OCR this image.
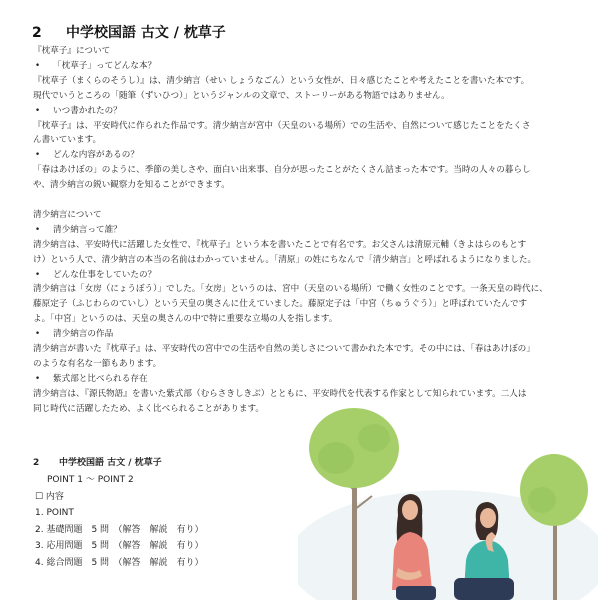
2 中学校国語 古文 / 枕草子

『枕草子』について

• 「枕草子」ってどんな本？

『枕草子（まくらのそうし）』は、清少納言（せい しょうなごん）という女性が、日々感じたことや考えたことを書いた本です。

現代でいうところの「随筆（ずいひつ）」というジャンルの文章で、ストーリーがある物語ではありません。

• いつ書かれたの？

『枕草子』は、平安時代に作られた作品です。清少納言が宮中（天皇のいる場所）での生活や、自然について感じたことをたくさ

ん書いています。

• どんな内容があるの？

「春はあけぼの」のように、季節の美しさや、面白い出来事、自分が思ったことがたくさん詰まった本です。当時の人々の暮らし

や、清少納言の鋭い観察力を知ることができます。

清少納言について

• 清少納言って誰？

清少納言は、平安時代に活躍した女性で、『枕草子』という本を書いたことで有名です。お父さんは清原元輔（きよはらのもとす

け）という人で、清少納言の本当の名前はわかっていません。「清原」の姓にちなんで「清少納言」と呼ばれるようになりました。

• どんな仕事をしていたの？

清少納言は「女房（にょうぼう）」でした。「女房」というのは、宮中（天皇のいる場所）で働く女性のことです。一条天皇の時代に、

藤原定子（ふじわらのていし）という天皇の奥さんに仕えていました。藤原定子は「中宮（ちゅうぐう）」と呼ばれていたんです

よ。「中宮」というのは、天皇の奥さんの中で特に重要な立場の人を指します。

• 清少納言の作品

清少納言が書いた『枕草子』は、平安時代の宮中での生活や自然の美しさについて書かれた本です。その中には、「春はあけぼの」

のような有名な一節もあります。

• 紫式部と比べられる存在

清少納言は、『源氏物語』を書いた紫式部（むらさきしきぶ）とともに、平安時代を代表する作家として知られています。二人は

同じ時代に活躍したため、よく比べられることがあります。

2 中学校国語 古文 / 枕草子
POINT 1 〜 POINT 2
☐ 内容
1. POINT
2. 基礎問題　5 問　（解答　解説　有り）
3. 応用問題　5 問　（解答　解説　有り）
4. 総合問題　5 問　（解答　解説　有り）
